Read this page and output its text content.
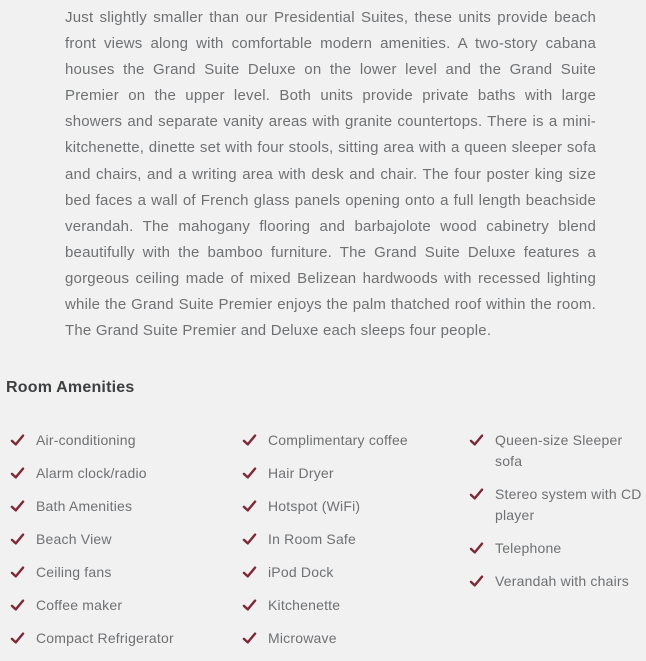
Just slightly smaller than our Presidential Suites, these units provide beach front views along with comfortable modern amenities. A two-story cabana houses the Grand Suite Deluxe on the lower level and the Grand Suite Premier on the upper level. Both units provide private baths with large showers and separate vanity areas with granite countertops. There is a mini-kitchenette, dinette set with four stools, sitting area with a queen sleeper sofa and chairs, and a writing area with desk and chair. The four poster king size bed faces a wall of French glass panels opening onto a full length beachside verandah. The mahogany flooring and barbajolote wood cabinetry blend beautifully with the bamboo furniture. The Grand Suite Deluxe features a gorgeous ceiling made of mixed Belizean hardwoods with recessed lighting while the Grand Suite Premier enjoys the palm thatched roof within the room. The Grand Suite Premier and Deluxe each sleeps four people.

Room Amenities
Air-conditioning
Alarm clock/radio
Bath Amenities
Beach View
Ceiling fans
Coffee maker
Compact Refrigerator
Complimentary coffee
Hair Dryer
Hotspot (WiFi)
In Room Safe
iPod Dock
Kitchenette
Microwave
Queen-size Sleeper sofa
Stereo system with CD player
Telephone
Verandah with chairs
